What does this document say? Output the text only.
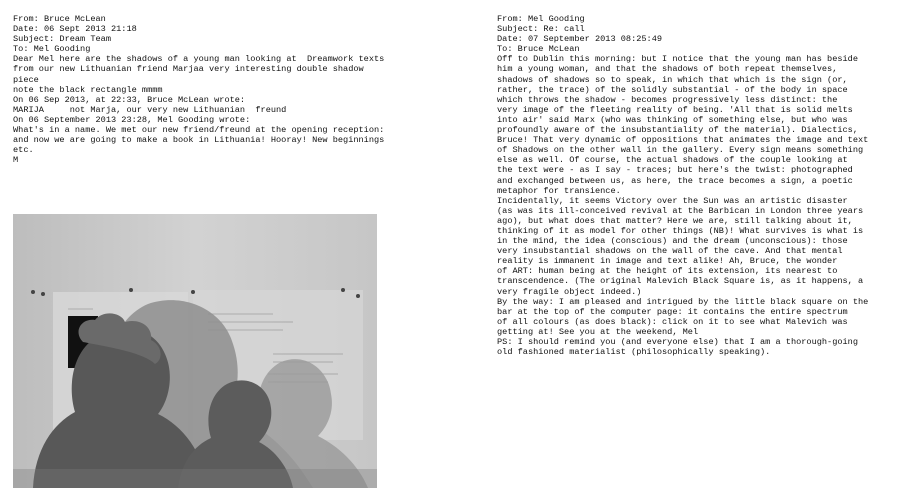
From: Bruce McLean
Date: 06 Sept 2013 21:18
Subject: Dream Team
To: Mel Gooding
Dear Mel here are the shadows of a young man looking at  Dreamwork texts
from our new Lithuanian friend Marjaa very interesting double shadow
piece
note the black rectangle mmmm
On 06 Sep 2013, at 22:33, Bruce McLean wrote:
MARIJA     not Marja, our very new Lithuanian  freund
On 06 September 2013 23:28, Mel Gooding wrote:
What's in a name. We met our new friend/freund at the opening reception:
and now we are going to make a book in Lithuania! Hooray! New beginnings
etc.
M
From: Mel Gooding
Subject: Re: call
Date: 07 September 2013 08:25:49
To: Bruce McLean
Off to Dublin this morning: but I notice that the young man has beside
him a young woman, and that the shadows of both repeat themselves,
shadows of shadows so to speak, in which that which is the sign (or,
rather, the trace) of the solidly substantial - of the body in space
which throws the shadow - becomes progressively less distinct: the
very image of the fleeting reality of being. 'All that is solid melts
into air' said Marx (who was thinking of something else, but who was
profoundly aware of the insubstantiality of the material). Dialectics,
Bruce! That very dynamic of oppositions that animates the image and text
of Shadows on the other wall in the gallery. Every sign means something
else as well. Of course, the actual shadows of the couple looking at
the text were - as I say - traces; but here's the twist: photographed
and exchanged between us, as here, the trace becomes a sign, a poetic
metaphor for transience.
Incidentally, it seems Victory over the Sun was an artistic disaster
(as was its ill-conceived revival at the Barbican in London three years
ago), but what does that matter? Here we are, still talking about it,
thinking of it as model for other things (NB)! What survives is what is
in the mind, the idea (conscious) and the dream (unconscious): those
very insubstantial shadows on the wall of the cave. And that mental
reality is immanent in image and text alike! Ah, Bruce, the wonder
of ART: human being at the height of its extension, its nearest to
transcendence. (The original Malevich Black Square is, as it happens, a
very fragile object indeed.)
By the way: I am pleased and intrigued by the little black square on the
bar at the top of the computer page: it contains the entire spectrum
of all colours (as does black): click on it to see what Malevich was
getting at! See you at the weekend, Mel
PS: I should remind you (and everyone else) that I am a thorough-going
old fashioned materialist (philosophically speaking).
